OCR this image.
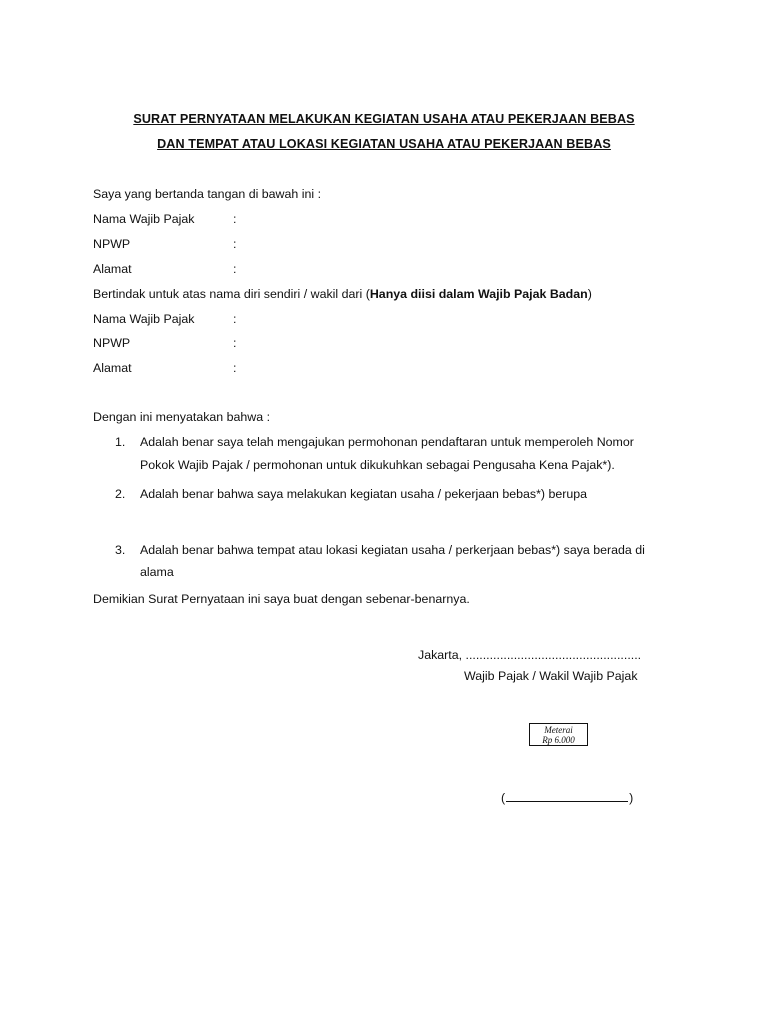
SURAT PERNYATAAN MELAKUKAN KEGIATAN USAHA ATAU PEKERJAAN BEBAS
DAN TEMPAT ATAU LOKASI KEGIATAN USAHA ATAU PEKERJAAN BEBAS
Saya yang bertanda tangan di bawah ini :
Nama Wajib Pajak	:
NPWP	:
Alamat	:
Bertindak untuk atas nama diri sendiri / wakil dari (Hanya diisi dalam Wajib Pajak Badan)
Nama Wajib Pajak	:
NPWP	:
Alamat	:
Dengan ini menyatakan bahwa :
1. Adalah benar saya telah mengajukan permohonan pendaftaran untuk memperoleh Nomor
Pokok Wajib Pajak / permohonan untuk dikukuhkan sebagai Pengusaha Kena Pajak*).
2. Adalah benar bahwa saya melakukan kegiatan usaha / pekerjaan bebas*) berupa
3. Adalah benar bahwa tempat atau lokasi kegiatan usaha / perkerjaan bebas*) saya berada di
alama
Demikian Surat Pernyataan ini saya buat dengan sebenar-benarnya.
Jakarta, ...................................................
Wajib Pajak / Wakil Wajib Pajak
Meterai
Rp 6.000
(	)
